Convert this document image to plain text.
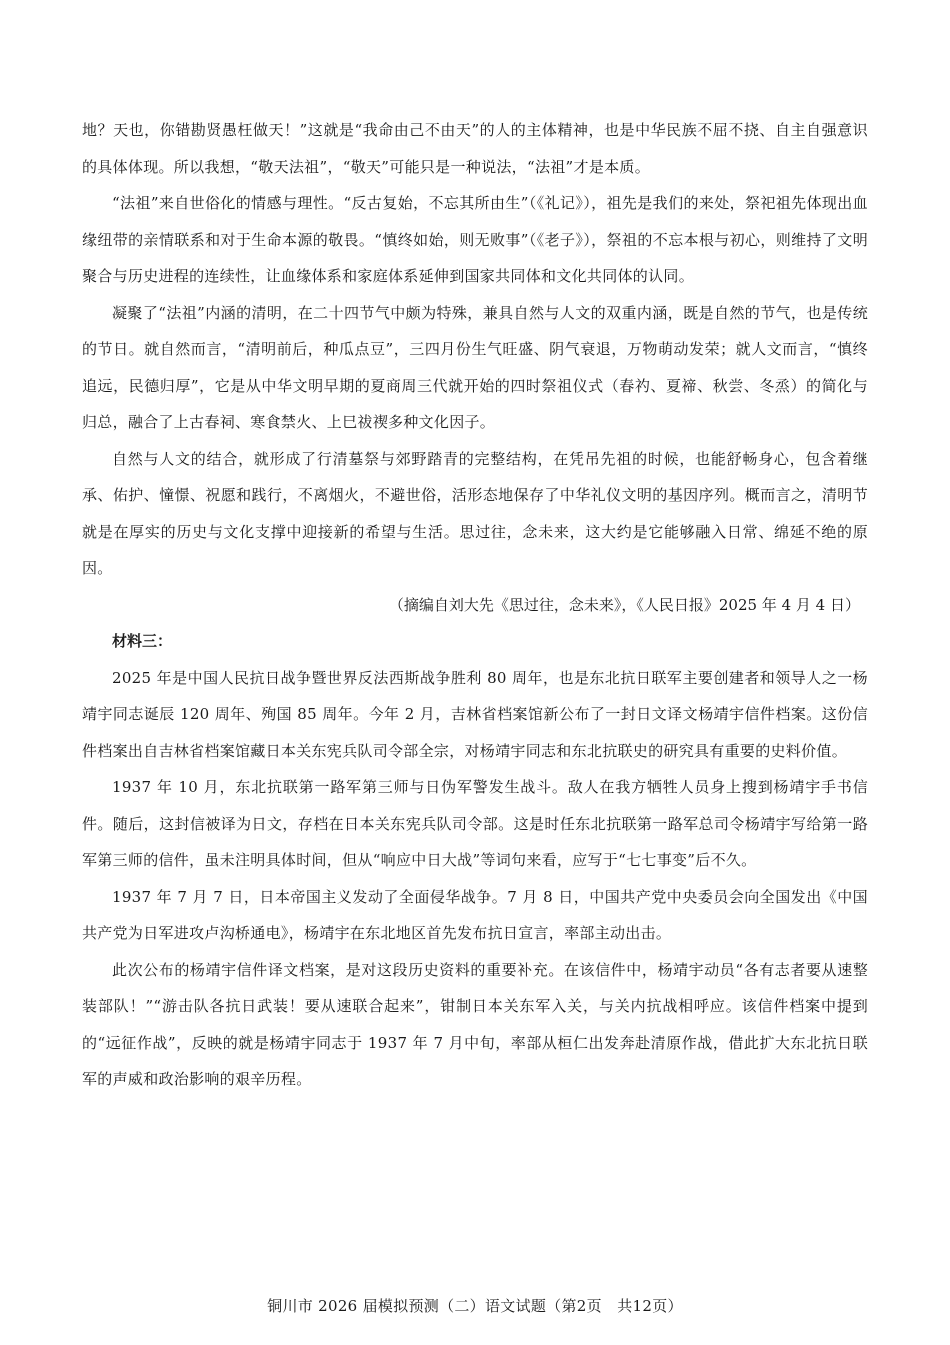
地？天也，你错勘贤愚枉做天！”这就是“我命由己不由天”的人的主体精神，也是中华民族不屈不挠、自主自强意识的具体体现。所以我想，“敬天法祖”，“敬天”可能只是一种说法，“法祖”才是本质。

“法祖”来自世俗化的情感与理性。“反古复始，不忘其所由生”（《礼记》），祖先是我们的来处，祭祀祖先体现出血缘纽带的亲情联系和对于生命本源的敬畏。“慎终如始，则无败事”（《老子》），祭祖的不忘本根与初心，则维持了文明聚合与历史进程的连续性，让血缘体系和家庭体系延伸到国家共同体和文化共同体的认同。

凝聚了“法祖”内涵的清明，在二十四节气中颇为特殊，兼具自然与人文的双重内涵，既是自然的节气，也是传统的节日。就自然而言，“清明前后，种瓜点豆”，三四月份生气旺盛、阴气衰退，万物萌动发荣；就人文而言，“慎终追远，民德归厚”，它是从中华文明早期的夏商周三代就开始的四时祭祖仪式（春礿、夏禘、秋尝、冬烝）的简化与归总，融合了上古春祠、寒食禁火、上巳祓禊多种文化因子。

自然与人文的结合，就形成了行清墓祭与郊野踏青的完整结构，在凭吊先祖的时候，也能舒畅身心，包含着继承、佑护、憧憬、祝愿和践行，不离烟火，不避世俗，活形态地保存了中华礼仪文明的基因序列。概而言之，清明节就是在厚实的历史与文化支撑中迎接新的希望与生活。思过往，念未来，这大约是它能够融入日常、绵延不绝的原因。

（摘编自刘大先《思过往，念未来》，《人民日报》2025 年 4 月 4 日）

材料三：

2025 年是中国人民抗日战争暨世界反法西斯战争胜利 80 周年，也是东北抗日联军主要创建者和领导人之一杨靖宇同志诞辰 120 周年、殉国 85 周年。今年 2 月，吉林省档案馆新公布了一封日文译文杨靖宇信件档案。这份信件档案出自吉林省档案馆藏日本关东宪兵队司令部全宗，对杨靖宇同志和东北抗联史的研究具有重要的史料价值。

1937 年 10 月，东北抗联第一路军第三师与日伪军警发生战斗。敌人在我方牺牲人员身上搜到杨靖宇手书信件。随后，这封信被译为日文，存档在日本关东宪兵队司令部。这是时任东北抗联第一路军总司令杨靖宇写给第一路军第三师的信件，虽未注明具体时间，但从“响应中日大战”等词句来看，应写于“七七事变”后不久。

1937 年 7 月 7 日，日本帝国主义发动了全面侵华战争。7 月 8 日，中国共产党中央委员会向全国发出《中国共产党为日军进攻卢沟桥通电》，杨靖宇在东北地区首先发布抗日宣言，率部主动出击。

此次公布的杨靖宇信件译文档案，是对这段历史资料的重要补充。在该信件中，杨靖宇动员“各有志者要从速整装部队！”“游击队各抗日武装！要从速联合起来”，钳制日本关东军入关，与关内抗战相呼应。该信件档案中提到的“远征作战”，反映的就是杨靖宇同志于 1937 年 7 月中旬，率部从桓仁出发奔赴清原作战，借此扩大东北抗日联军的声威和政治影响的艰辛历程。

铜川市 2026 届模拟预测（二）语文试题（第2页　共12页）
